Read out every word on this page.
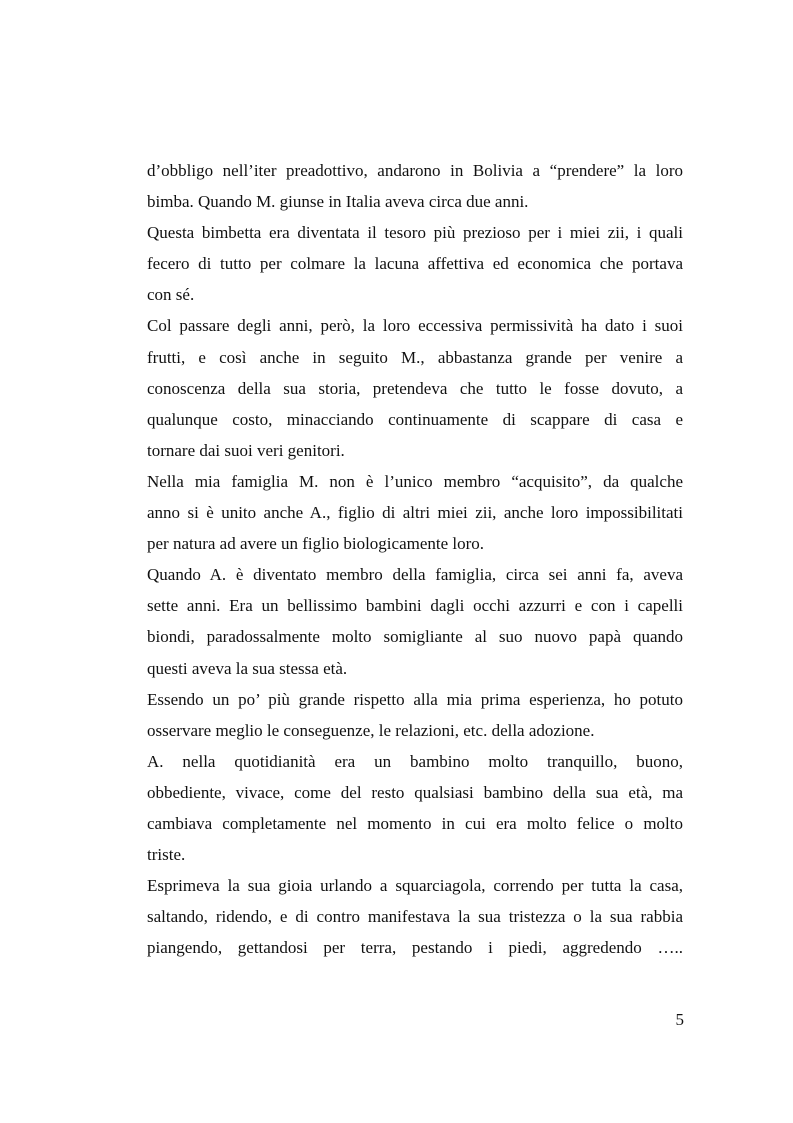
d’obbligo nell’iter preadottivo, andarono in Bolivia a “prendere” la loro
bimba. Quando M. giunse in Italia aveva circa due anni.
Questa bimbetta era diventata il tesoro più prezioso per i miei zii, i quali
fecero di tutto per colmare la lacuna affettiva ed economica che portava
con sé.
Col passare degli anni, però, la loro eccessiva permissività ha dato i suoi
frutti, e così anche in seguito M., abbastanza grande per venire a
conoscenza della sua storia, pretendeva che tutto le fosse dovuto, a
qualunque costo, minacciando continuamente di scappare di casa e
tornare dai suoi veri genitori.
Nella mia famiglia M. non è l’unico membro “acquisito”, da qualche
anno si è unito anche A., figlio di altri miei zii, anche loro impossibilitati
per natura ad avere un figlio biologicamente loro.
Quando A. è diventato membro della famiglia, circa sei anni fa, aveva
sette anni. Era un bellissimo bambini dagli occhi azzurri e con i capelli
biondi, paradossalmente molto somigliante al suo nuovo papà quando
questi aveva la sua stessa età.
Essendo un po’ più grande rispetto alla mia prima esperienza, ho potuto
osservare meglio le conseguenze, le relazioni, etc. della adozione.
A. nella quotidianità era un bambino molto tranquillo, buono,
obbediente, vivace, come del resto qualsiasi bambino della sua età, ma
cambiava completamente nel momento in cui era molto felice o molto
triste.
Esprimeva la sua gioia urlando a squarciagola, correndo per tutta la casa,
saltando, ridendo, e di contro manifestava la sua tristezza o la sua rabbia
piangendo, gettandosi per terra, pestando i piedi, aggredendo …..
5
